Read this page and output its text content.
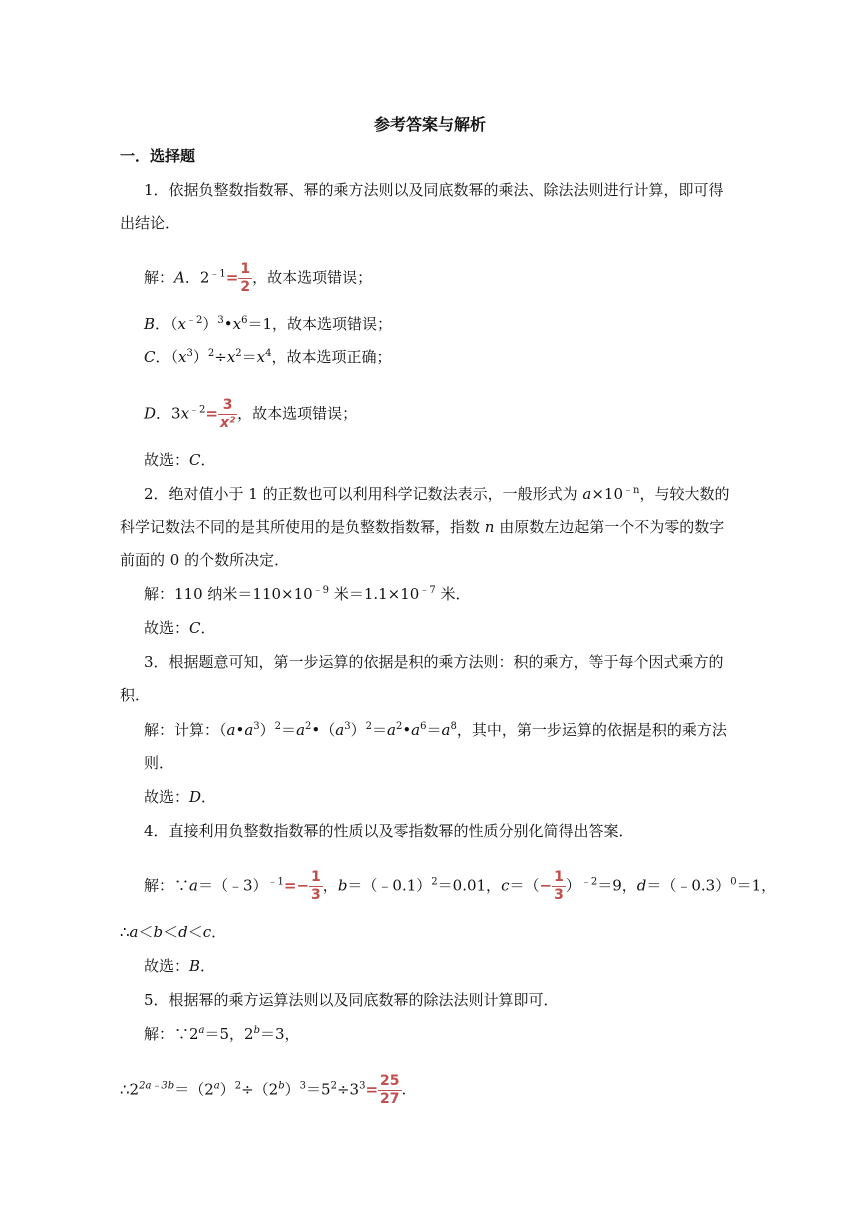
参考答案与解析
一．选择题
1．依据负整数指数幂、幂的乘方法则以及同底数幂的乘法、除法法则进行计算，即可得
出结论．
解：A．$2^{﹣1}= \frac{1}{2}$ ，故本选项错误；
B．$(x^{﹣2})^3•x^6=1$，故本选项错误；
C．$(x^3)^2\div x^2=x^4$，故本选项正确；
D．$3x^{﹣2}= \frac{3}{\text{x²}}$ ，故本选项错误；
故选：C．
2．绝对值小于 1 的正数也可以利用科学记数法表示，一般形式为 $a\times 10^{﹣n}$，与较大数的
科学记数法不同的是其所使用的是负整数指数幂，指数 n 由原数左边起第一个不为零的数字
前面的 0 的个数所决定．
解：110 纳米$=110\times 10^{﹣9}$ 米$=1.1\times 10^{﹣7}$ 米．
故选：C．
3．根据题意可知，第一步运算的依据是积的乘方法则：积的乘方，等于每个因式乘方的
积．
解：计算：$(a•a^3)^2=a^2•(a^3)^2=a^2•a^6=a^8$，其中，第一步运算的依据是积的乘方法
则．
故选：D．
4．直接利用负整数指数幂的性质以及零指数幂的性质分别化简得出答案．
解：∵a＝（﹣3）$^{﹣1}$=− $\frac{1}{3}$ ，b＝（﹣0.1）$^2$＝0.01，$c=(- \frac{1}{3} )^{﹣2}=9$，d＝（﹣0.3）$^0$＝1，
∴a＜b＜d＜c．
故选：B．
5．根据幂的乘方运算法则以及同底数幂的除法法则计算即可．
解：$\because 2^a=5$，$2^b=3$，
$\therefore 2^{2a﹣3b}=(2^a)^2\div(2^b)^3=5^2\div 3^3= \frac{25}{27}$ .
